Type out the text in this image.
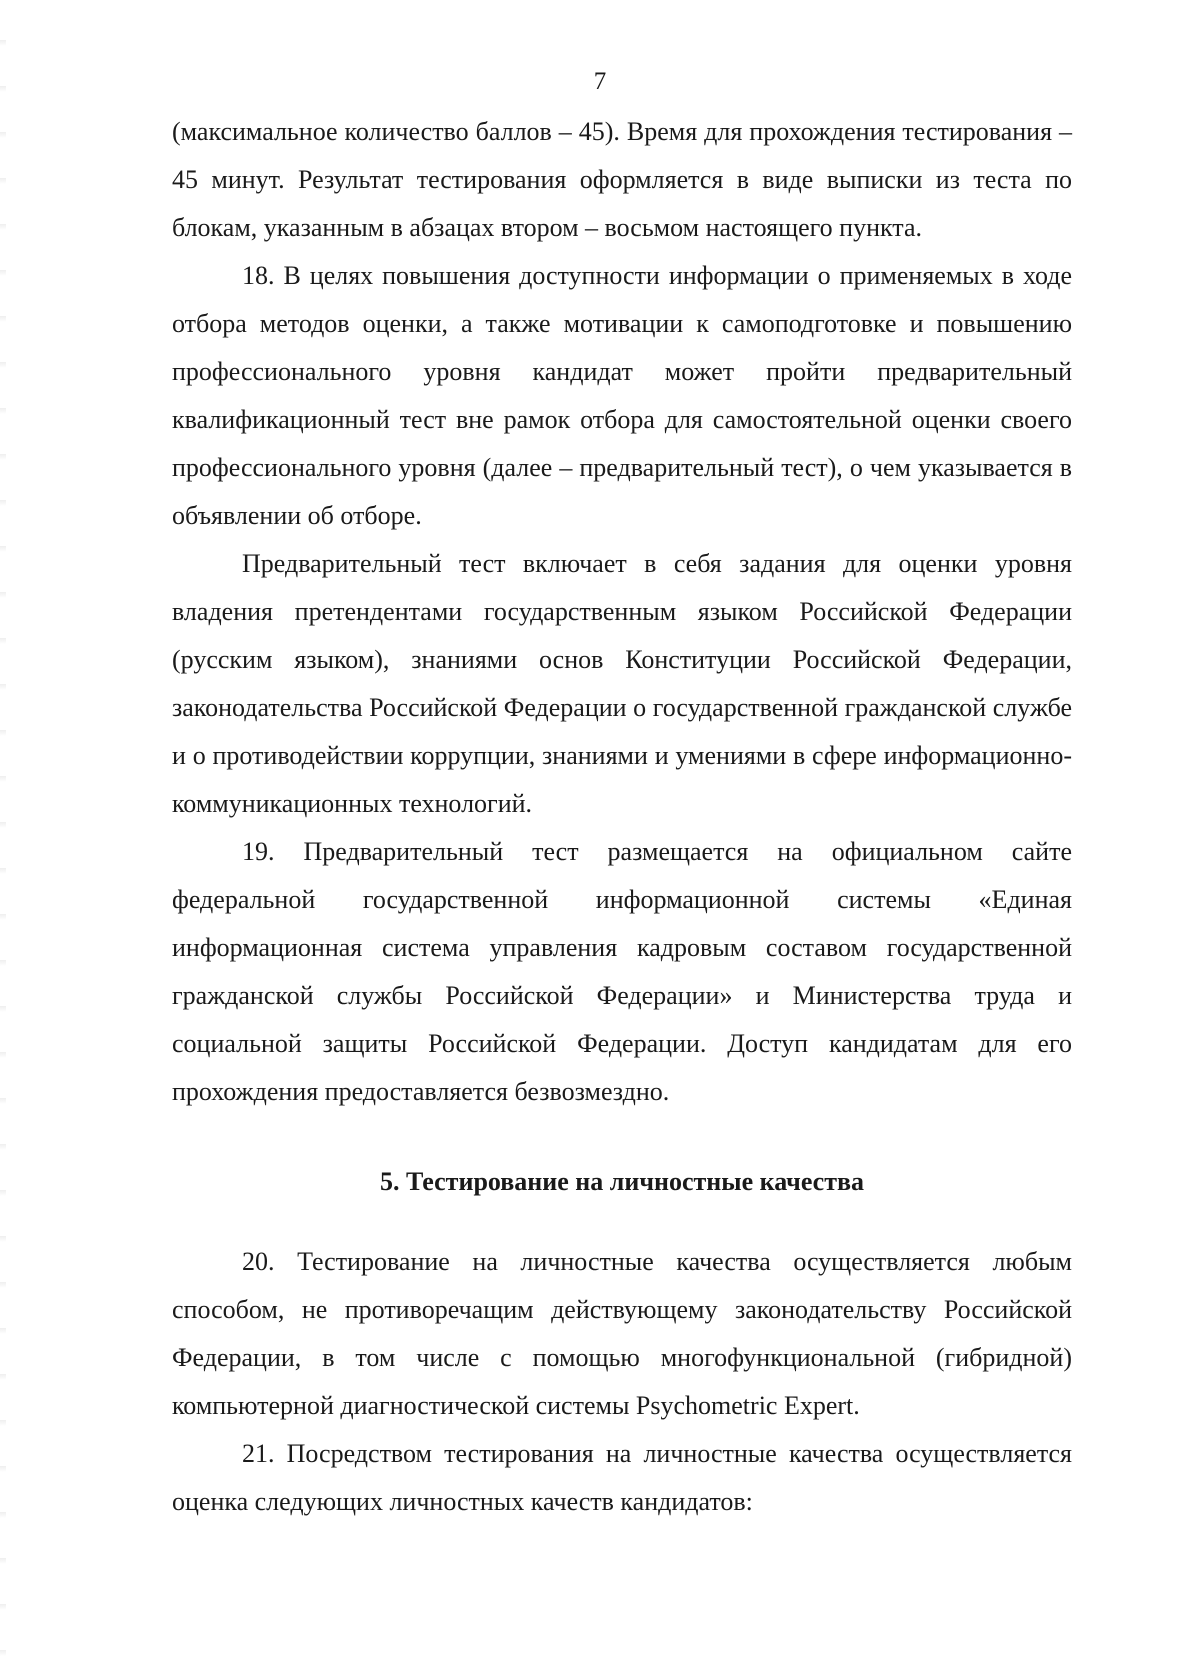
7

(максимальное количество баллов – 45). Время для прохождения тестирования – 45 минут. Результат тестирования оформляется в виде выписки из теста по блокам, указанным в абзацах втором – восьмом настоящего пункта.

18. В целях повышения доступности информации о применяемых в ходе отбора методов оценки, а также мотивации к самоподготовке и повышению профессионального уровня кандидат может пройти предварительный квалификационный тест вне рамок отбора для самостоятельной оценки своего профессионального уровня (далее – предварительный тест), о чем указывается в объявлении об отборе.

Предварительный тест включает в себя задания для оценки уровня владения претендентами государственным языком Российской Федерации (русским языком), знаниями основ Конституции Российской Федерации, законодательства Российской Федерации о государственной гражданской службе и о противодействии коррупции, знаниями и умениями в сфере информационно-коммуникационных технологий.

19. Предварительный тест размещается на официальном сайте федеральной государственной информационной системы «Единая информационная система управления кадровым составом государственной гражданской службы Российской Федерации» и Министерства труда и социальной защиты Российской Федерации. Доступ кандидатам для его прохождения предоставляется безвозмездно.

5. Тестирование на личностные качества

20. Тестирование на личностные качества осуществляется любым способом, не противоречащим действующему законодательству Российской Федерации, в том числе с помощью многофункциональной (гибридной) компьютерной диагностической системы Psychometric Expert.

21. Посредством тестирования на личностные качества осуществляется оценка следующих личностных качеств кандидатов:
